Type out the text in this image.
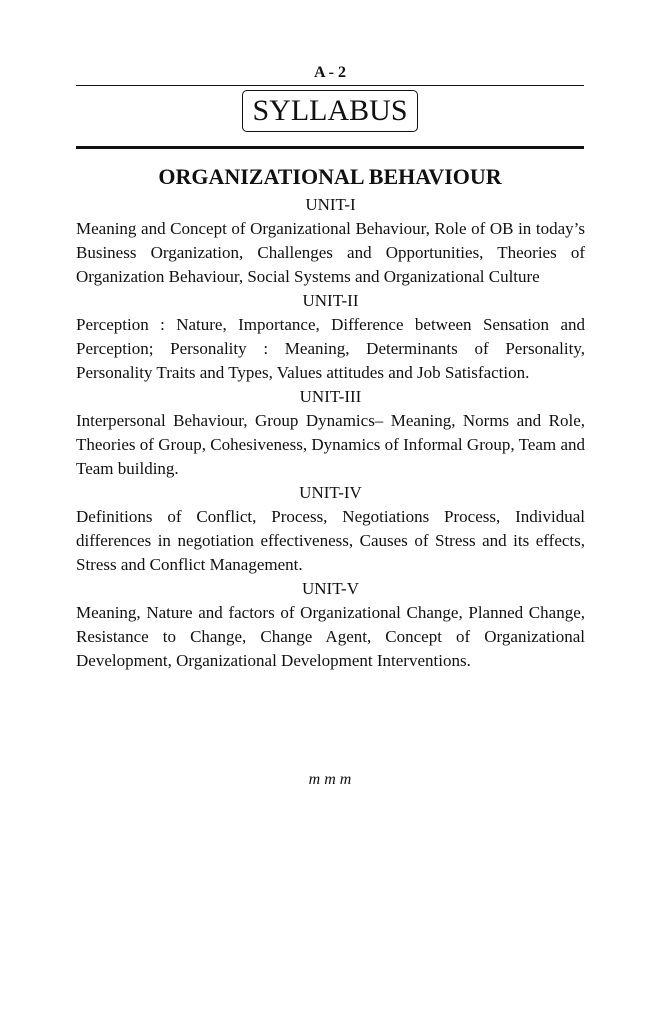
A - 2
SYLLABUS
ORGANIZATIONAL BEHAVIOUR
UNIT-I

Meaning and Concept of Organizational Behaviour, Role of OB in today’s Business Organization, Challenges and Opportunities, Theories of Organization Behaviour, Social Systems and Organizational Culture

UNIT-II

Perception : Nature, Importance, Difference between Sensation and Perception; Personality : Meaning, Determinants of Personality, Personality Traits and Types, Values attitudes and Job Satisfaction.

UNIT-III

Interpersonal Behaviour, Group Dynamics– Meaning, Norms and Role, Theories of Group, Cohesiveness, Dynamics of Informal Group, Team and Team building.

UNIT-IV

Definitions of Conflict, Process, Negotiations Process, Individual differences in negotiation effectiveness, Causes of Stress and its effects, Stress and Conflict Management.

UNIT-V

Meaning, Nature and factors of Organizational Change, Planned Change, Resistance to Change, Change Agent, Concept of Organizational Development, Organizational Development Interventions.

m m m
